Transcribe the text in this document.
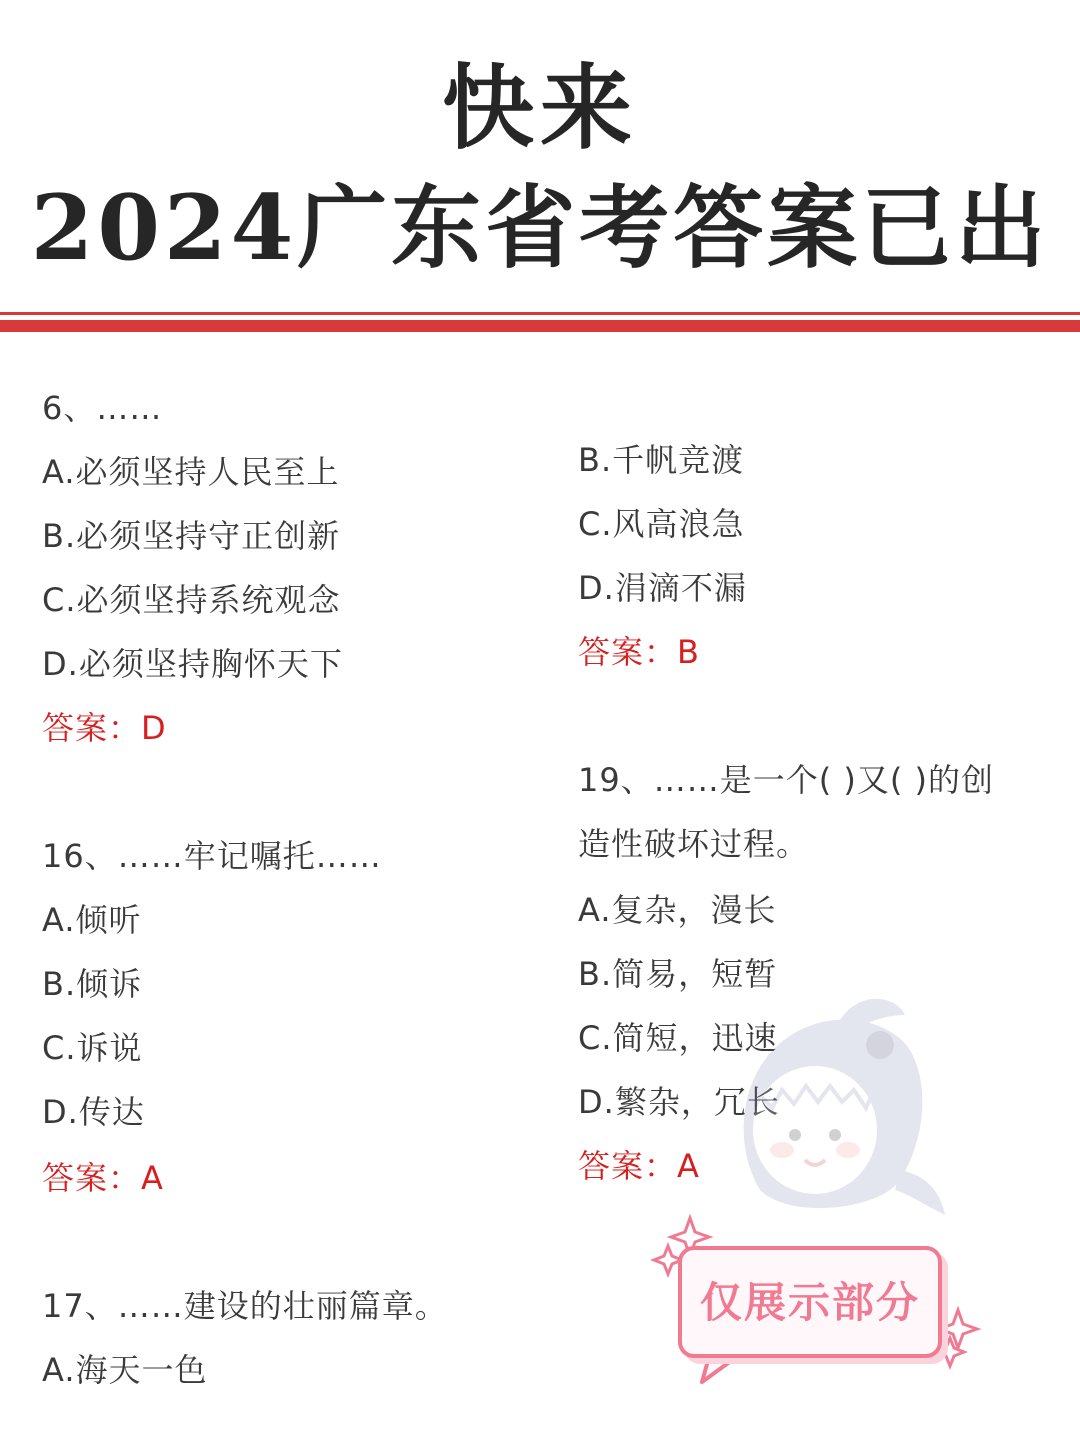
快来
2024广东省考答案已出
6、……
A.必须坚持人民至上
B.必须坚持守正创新
C.必须坚持系统观念
D.必须坚持胸怀天下
答案：D
16、……牢记嘱托……
A.倾听
B.倾诉
C.诉说
D.传达
答案：A
17、……建设的壮丽篇章。
A.海天一色
B.千帆竞渡
C.风高浪急
D.涓滴不漏
答案：B
19、……是一个( )又( )的创
造性破坏过程。
A.复杂，漫长
B.简易，短暂
C.简短，迅速
D.繁杂，冗长
答案：A
仅展示部分
